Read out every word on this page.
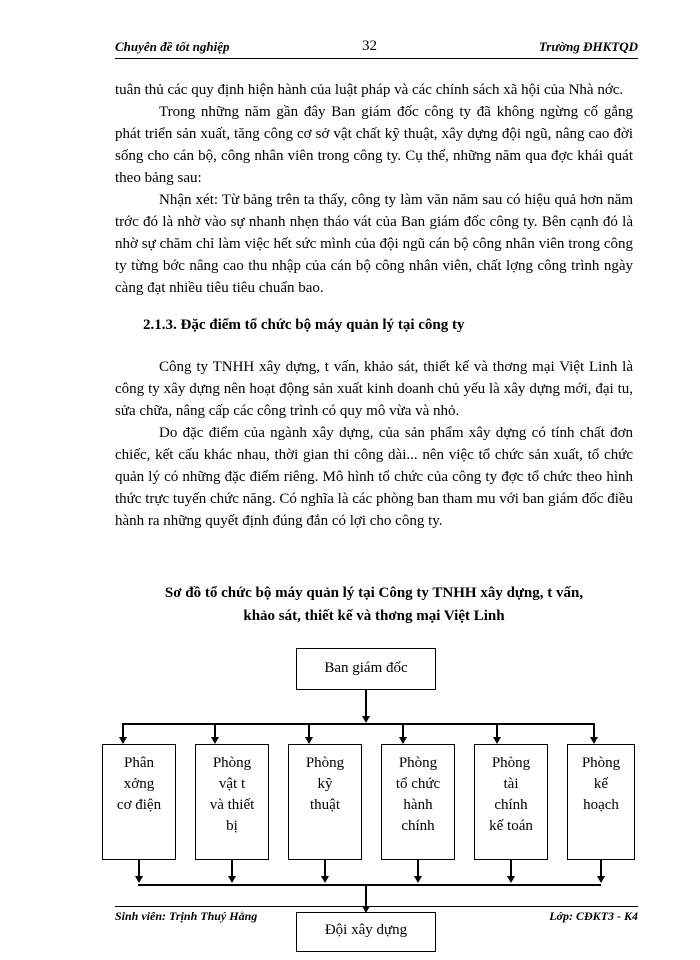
Chuyên đề tốt nghiệp	32	Trường ĐHKTQD

tuân thủ các quy định hiện hành của luật pháp và các chính sách xã hội của Nhà nớc.

Trong những năm gần đây Ban giám đốc công ty đã không ngừng cố gắng phát triển sản xuất, tăng công cơ sở vật chất kỹ thuật, xây dựng đội ngũ, nâng cao đời sống cho cán bộ, công nhân viên trong công ty. Cụ thể, những năm qua đợc khái quát theo bảng sau:

Nhận xét: Từ bảng trên ta thấy, công ty làm văn năm sau có hiệu quả hơn năm trớc đó là nhờ vào sự nhanh nhẹn tháo vát của Ban giám đốc công ty. Bên cạnh đó là nhờ sự chăm chỉ làm việc hết sức mình của đội ngũ cán bộ công nhân viên trong công ty từng bớc nâng cao thu nhập của cán bộ công nhân viên, chất lợng công trình ngày càng đạt nhiều tiêu tiêu chuẩn bao.

2.1.3. Đặc điểm tổ chức bộ máy quản lý tại công ty

Công ty TNHH xây dựng, t vấn, khảo sát, thiết kế và thơng mại Việt Linh là công ty xây dựng nên hoạt động sản xuất kinh doanh chủ yếu là xây dựng mới, đại tu, sửa chữa, nâng cấp các công trình có quy mô vừa và nhỏ.

Do đặc điểm của ngành xây dựng, của sản phẩm xây dựng có tính chất đơn chiếc, kết cấu khác nhau, thời gian thi công dài... nên việc tổ chức sản xuất, tổ chức quản lý có những đặc điểm riêng. Mô hình tổ chức của công ty đợc tổ chức theo hình thức trực tuyến chức năng. Có nghĩa là các phòng ban tham mu với ban giám đốc điều hành ra những quyết định đúng đắn có lợi cho công ty.

Sơ đồ tổ chức bộ máy quản lý tại Công ty TNHH xây dựng, t vấn,
khảo sát, thiết kế và thơng mại Việt Linh
Ban giám đốc
Phân
xởng
cơ điện
Phòng
vật t
và thiết
bị
Phòng
kỹ
thuật
Phòng
tổ chức
hành
chính
Phòng
tài
chính
kế toán
Phòng
kế
hoạch
Đội xây dựng
Sinh viên: Trịnh Thuý Hằng	Lớp: CĐKT3 - K4
